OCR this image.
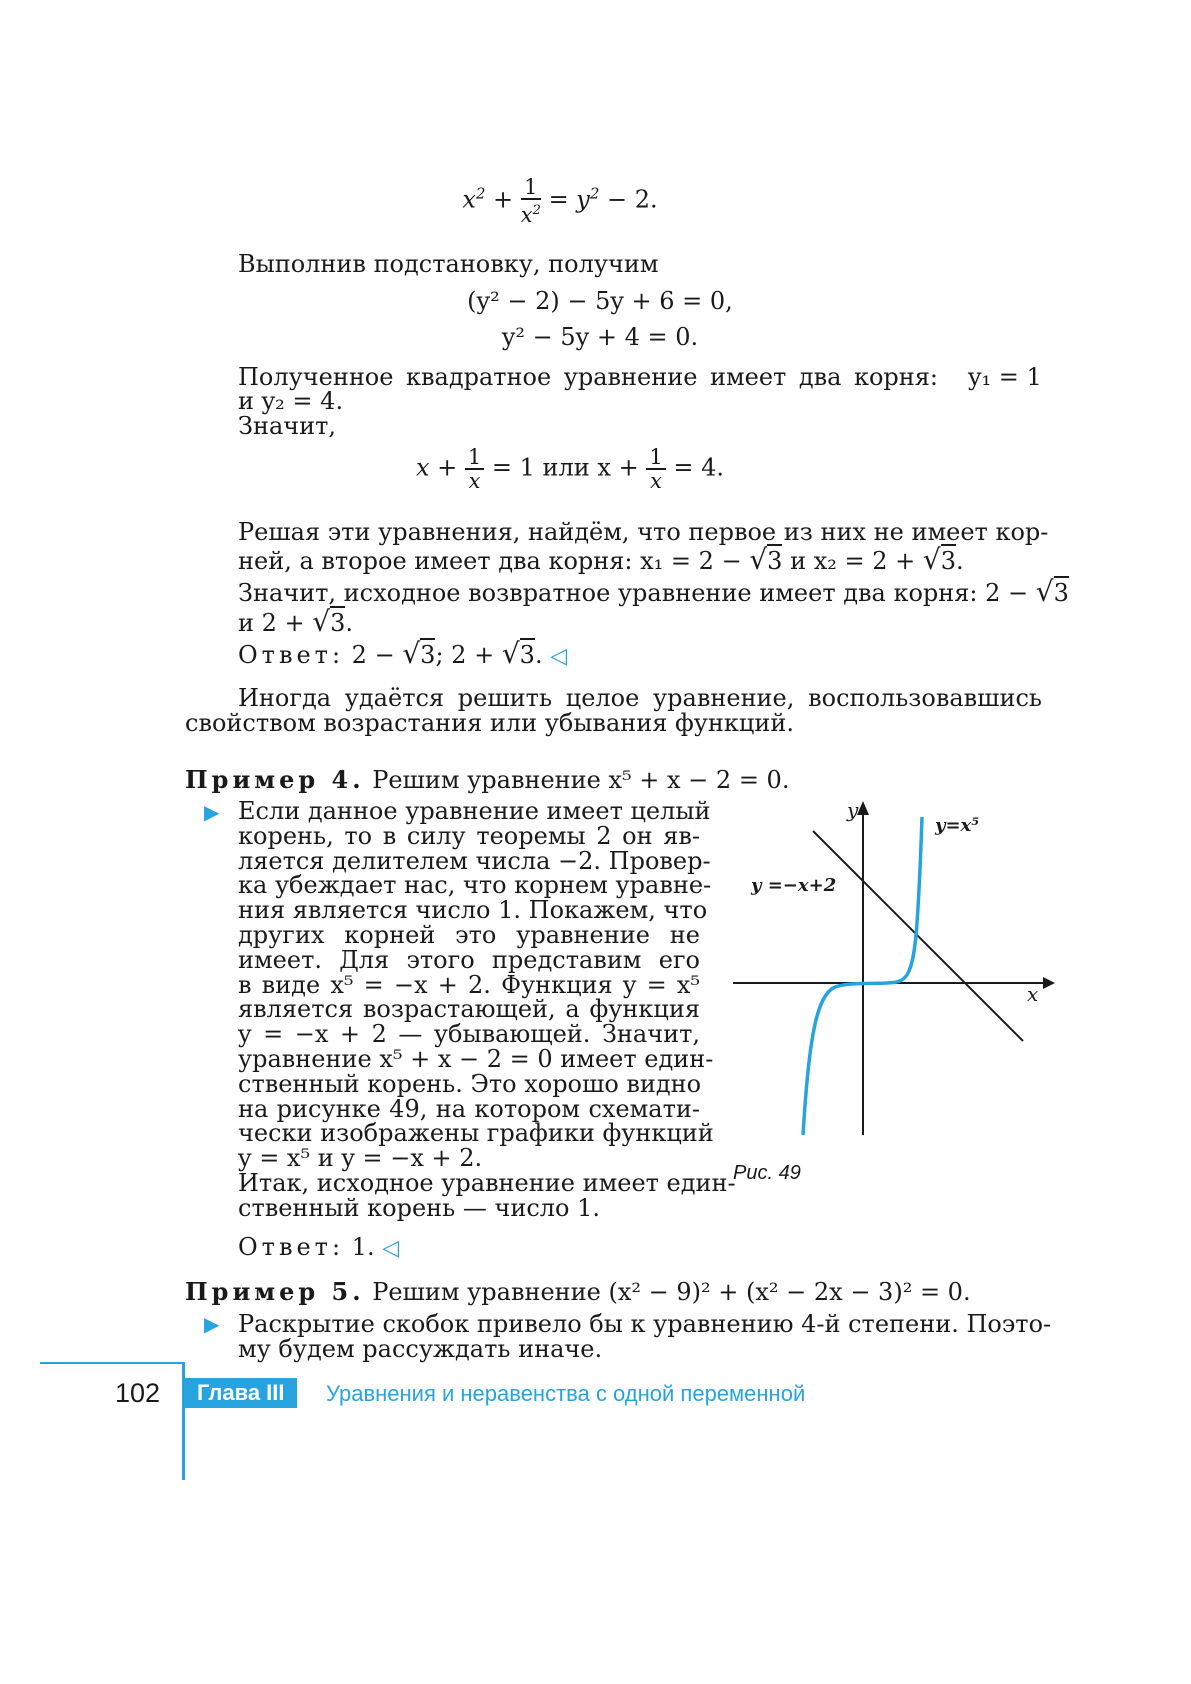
$x^2 + \frac{1}{x^2} = y^2 - 2$.
Выполнив подстановку, получим
(y² − 2) − 5y + 6 = 0,
y² − 5y + 4 = 0.
Полученное квадратное уравнение имеет два корня: y₁ = 1
и y₂ = 4.
Значит,
$x + \frac{1}{x} = 1$ или $x + \frac{1}{x} = 4$.
Решая эти уравнения, найдём, что первое из них не имеет кор-
ней, а второе имеет два корня: x₁ = 2 − √3 и x₂ = 2 + √3.
Значит, исходное возвратное уравнение имеет два корня: 2 − √3
и 2 + √3.
Ответ: 2 − √3; 2 + √3. ◁
Иногда удаётся решить целое уравнение, воспользовавшись
свойством возрастания или убывания функций.
Пример 4. Решим уравнение x⁵ + x − 2 = 0.
▶ Если данное уравнение имеет целый
корень, то в силу теоремы 2 он яв-
ляется делителем числа −2. Провер-
ка убеждает нас, что корнем уравне-
ния является число 1. Покажем, что
других корней это уравнение не
имеет. Для этого представим его
в виде x⁵ = −x + 2. Функция y = x⁵
является возрастающей, а функция
y = −x + 2 — убывающей. Значит,
уравнение x⁵ + x − 2 = 0 имеет един-
ственный корень. Это хорошо видно
на рисунке 49, на котором схемати-
чески изображены графики функций
y = x⁵ и y = −x + 2.
Итак, исходное уравнение имеет един-
ственный корень — число 1.
Ответ: 1. ◁
y
x
y=x⁵
y =−x+2
Рис. 49
Пример 5. Решим уравнение (x² − 9)² + (x² − 2x − 3)² = 0.
▶ Раскрытие скобок привело бы к уравнению 4-й степени. Поэто-
му будем рассуждать иначе.
102	Глава III	Уравнения и неравенства с одной переменной
